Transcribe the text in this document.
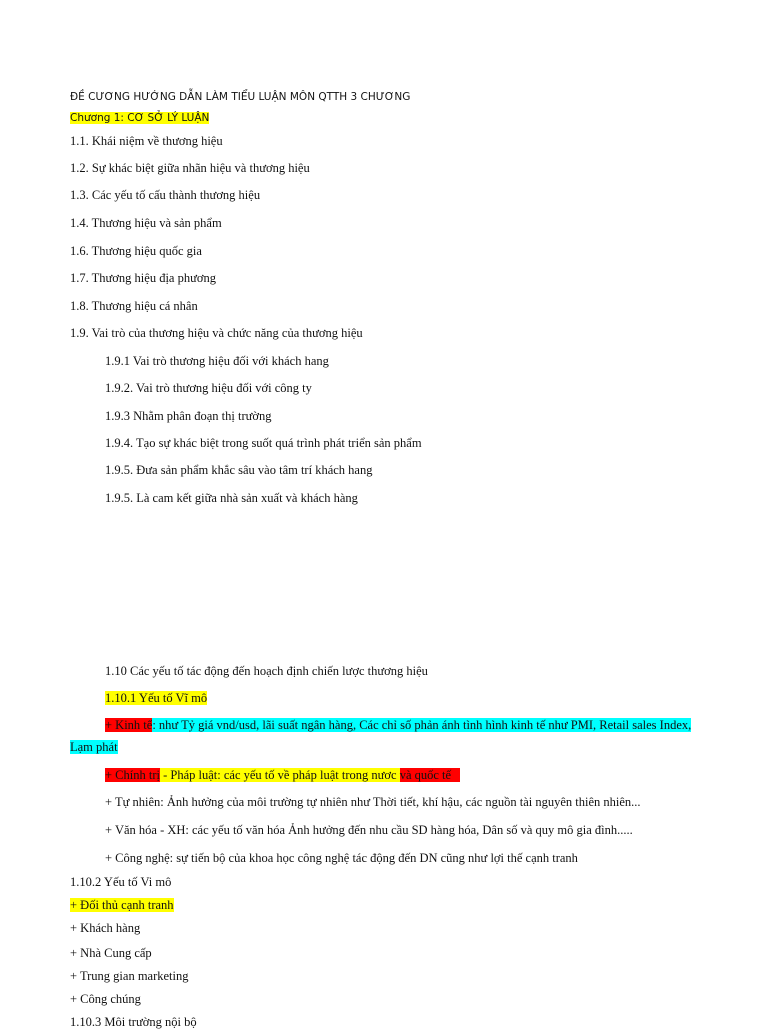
ĐỀ CƯƠNG HƯỚNG DẪN LÀM TIỂU LUẬN MÔN QTTH 3 CHƯƠNG
Chương 1: CƠ SỞ LÝ LUẬN
1.1. Khái niệm về thương hiệu
1.2. Sự khác biệt giữa nhãn hiệu và thương hiệu
1.3. Các yếu tố cấu thành thương hiệu
1.4. Thương hiệu và sản phẩm
1.6. Thương hiệu quốc gia
1.7. Thương hiệu địa phương
1.8. Thương hiệu cá nhân
1.9. Vai trò của thương hiệu và chức năng của thương hiệu
1.9.1 Vai trò thương hiệu đối với khách hang
1.9.2. Vai trò thương hiệu đối với công ty
1.9.3 Nhằm phân đoạn thị trường
1.9.4. Tạo sự khác biệt trong suốt quá trình phát triển sản phẩm
1.9.5. Đưa sản phẩm khắc sâu vào tâm trí khách hang
1.9.5. Là cam kết giữa nhà sản xuất và khách hàng
1.10 Các yếu tố tác động đến hoạch định chiến lược thương hiệu
1.10.1 Yếu tố Vĩ mô
+ Kinh tế: như Tỷ giá vnd/usd, lãi suất ngân hàng, Các chỉ số phản ánh tình hình kinh tế như PMI, Retail sales Index, Lạm phát
+ Chính trị - Pháp luật: các yếu tố về pháp luật trong nươc và quốc tế
+ Tự nhiên: Ảnh hưởng của môi trường tự nhiên như Thời tiết, khí hậu, các nguồn tài nguyên thiên nhiên...
+ Văn hóa - XH: các yếu tố văn hóa Ảnh hưởng đến nhu cầu SD hàng hóa, Dân số và quy mô gia đình.....
+ Công nghệ: sự tiến bộ của khoa học công nghệ tác động đến DN cũng như lợi thế cạnh tranh
1.10.2 Yếu tố Vi mô
+ Đối thủ cạnh tranh
+ Khách hàng
+ Nhà Cung cấp
+ Trung gian marketing
+ Công chúng
1.10.3 Môi trường nội bộ
